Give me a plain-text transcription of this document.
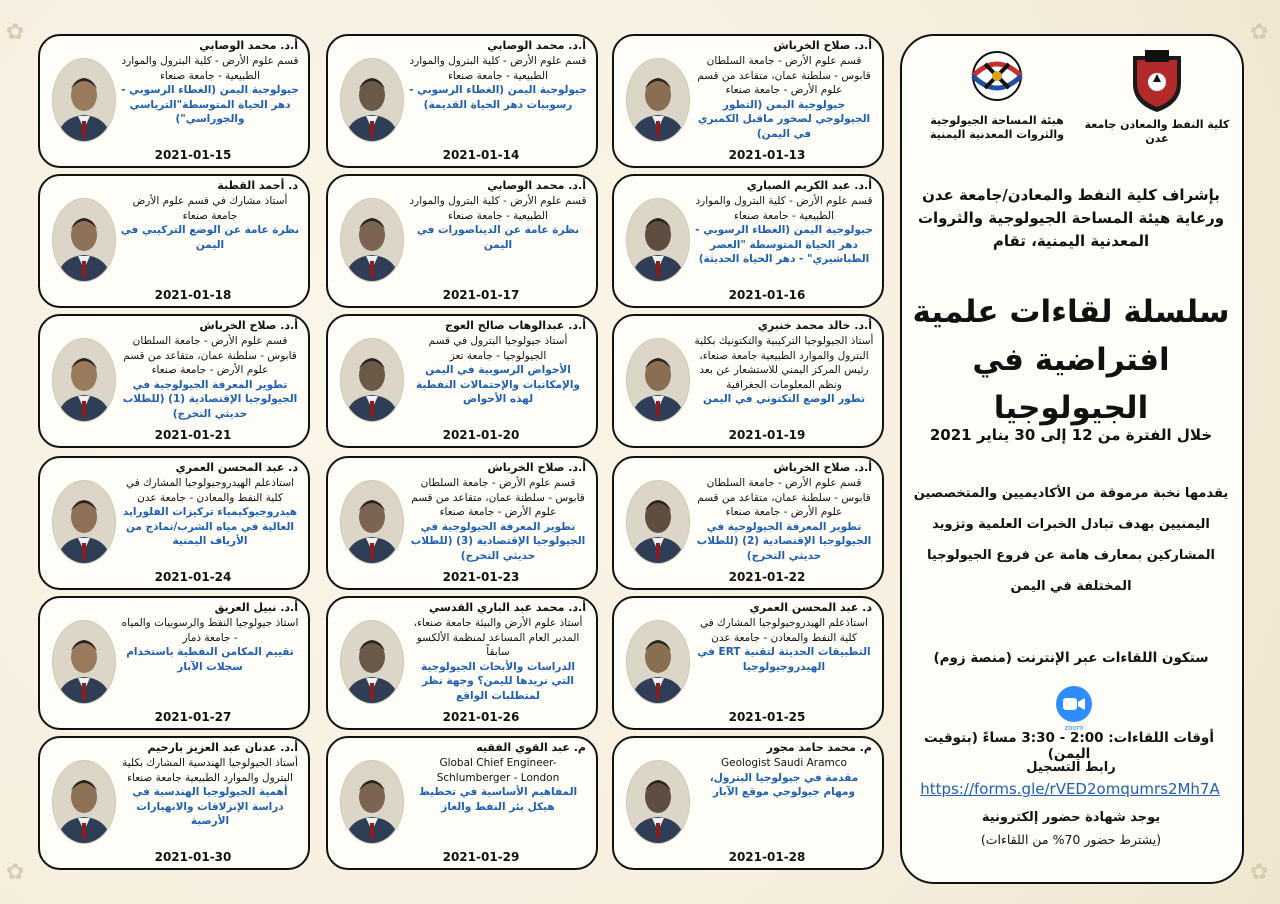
✿
✿
✿	✿
كلية النفط والمعادن جامعة عدن
هيئة المساحة الجيولوجية والثروات المعدنية اليمنية
بإشراف كلية النفط والمعادن/جامعة عدن ورعاية هيئة المساحة الجيولوجية والثروات المعدنية اليمنية، تقام
سلسلة لقاءات علمية افتراضية في الجيولوجيا
خلال الفترة من 12 إلى 30 يناير 2021
يقدمها نخبة مرموقة من الأكاديميين والمتخصصين اليمنيين بهدف تبادل الخبرات العلمية وتزويد المشاركين بمعارف هامة عن فروع الجيولوجيا المختلفة في اليمن
ستكون اللقاءات عبر الإنترنت (منصة زوم)
zoom
أوقات اللقاءات: 2:00 - 3:30 مساءً (بتوقيت اليمن)
رابط التسجيل
https://forms.gle/rVED2omqumrs2Mh7A
يوجد شهادة حضور إلكترونية
(يشترط حضور 70% من اللقاءات)
أ.د. صلاح الخرباش
قسم علوم الأرض - جامعة السلطان قابوس - سلطنة عمان، متقاعد من قسم علوم الأرض - جامعة صنعاء
جيولوجية اليمن (التطور الجيولوجي لصخور ماقبل الكمبري في اليمن)
2021-01-13
أ.د. محمد الوصابي
قسم علوم الأرض - كلية البترول والموارد الطبيعية - جامعة صنعاء
جيولوجية اليمن (الغطاء الرسوبي - رسوبيات دهر الحياة القديمة)
2021-01-14
أ.د. محمد الوصابي
قسم علوم الأرض - كلية البترول والموارد الطبيعية - جامعة صنعاء
جيولوجية اليمن (الغطاء الرسوبي - دهر الحياة المتوسطة"الترياسي والجوراسي")
2021-01-15
أ.د. عبد الكريم الصباري
قسم علوم الأرض - كلية البترول والموارد الطبيعية - جامعة صنعاء
جيولوجية اليمن (الغطاء الرسوبي - دهر الحياة المتوسطة "العصر الطباشيري" - دهر الحياة الحديثة)
2021-01-16
أ.د. محمد الوصابي
قسم علوم الأرض - كلية البترول والموارد الطبيعية - جامعة صنعاء
نظرة عامة عن الديناصورات في اليمن
2021-01-17
د. أحمد القطبة
أستاذ مشارك في قسم علوم الأرض جامعة صنعاء
نظرة عامة عن الوضع التركيبي في اليمن
2021-01-18
أ.د. خالد محمد خنبري
أستاذ الجيولوجيا التركيبية والتكتونيك بكلية البترول والموارد الطبيعية جامعة صنعاء، رئيس المركز اليمني للاستشعار عن بعد ونظم المعلومات الجغرافية
تطور الوضع التكتوني في اليمن
2021-01-19
أ.د. عبدالوهاب صالح العوج
أستاذ جيولوجيا البترول في قسم الجيولوجيا - جامعة تعز
الأحواض الرسوبية في اليمن والإمكانيات والإحتمالات النفطية لهذه الأحواض
2021-01-20
أ.د. صلاح الخرباش
قسم علوم الأرض - جامعة السلطان قابوس - سلطنة عمان، متقاعد من قسم علوم الأرض - جامعة صنعاء
تطوير المعرفة الجيولوجية في الجيولوجيا الإقتصادية (1) (للطلاب حديثي التخرج)
2021-01-21
أ.د. صلاح الخرباش
قسم علوم الأرض - جامعة السلطان قابوس - سلطنة عمان، متقاعد من قسم علوم الأرض - جامعة صنعاء
تطوير المعرفة الجيولوجية في الجيولوجيا الإقتصادية (2) (للطلاب حديثي التخرج)
2021-01-22
أ.د. صلاح الخرباش
قسم علوم الأرض - جامعة السلطان قابوس - سلطنة عمان، متقاعد من قسم علوم الأرض - جامعة صنعاء
تطوير المعرفة الجيولوجية في الجيولوجيا الإقتصادية (3) (للطلاب حديثي التخرج)
2021-01-23
د. عبد المحسن العمري
استاذعلم الهيدروجيولوجيا المشارك في كلية النفط والمعادن - جامعة عدن
هيدروجيوكيمياء تركيزات الفلورايد العالية في مياه الشرب/نماذج من الأرياف اليمنية
2021-01-24
د. عبد المحسن العمري
استاذعلم الهيدروجيولوجيا المشارك في كلية النفط والمعادن - جامعة عدن
التطبيقات الحديثة لتقنية ERT في الهيدروجيولوجيا
2021-01-25
أ.د. محمد عبد الباري القدسي
أستاذ علوم الأرض والبيئة جامعة صنعاء، المدير العام المساعد لمنظمة الألكسو سابقاً
الدراسات والأبحاث الجيولوجية التي نريدها لليمن؟ وجهة نظر لمتطلبات الواقع
2021-01-26
أ.د. نبيل العريق
استاذ جيولوجيا النفط والرسوبيات والمياه - جامعة ذمار
تقييم المكامن النفطية باستخدام سجلات الآبار
2021-01-27
م. محمد حامد مجور
Geologist Saudi Aramco
مقدمة في جيولوجيا البترول، ومهام جيولوجي موقع الآبار
2021-01-28
م. عبد القوي الفقيه
Global Chief Engineer- Schlumberger - London
المفاهيم الأساسية في تخطيط هيكل بئر النفط والغاز
2021-01-29
أ.د. عدنان عبد العزيز بارحيم
أستاذ الجيولوجيا الهندسية المشارك بكلية البترول والموارد الطبيعية جامعة صنعاء
أهمية الجيولوجيا الهندسية في دراسة الإنزلاقات والانهيارات الأرضية
2021-01-30
